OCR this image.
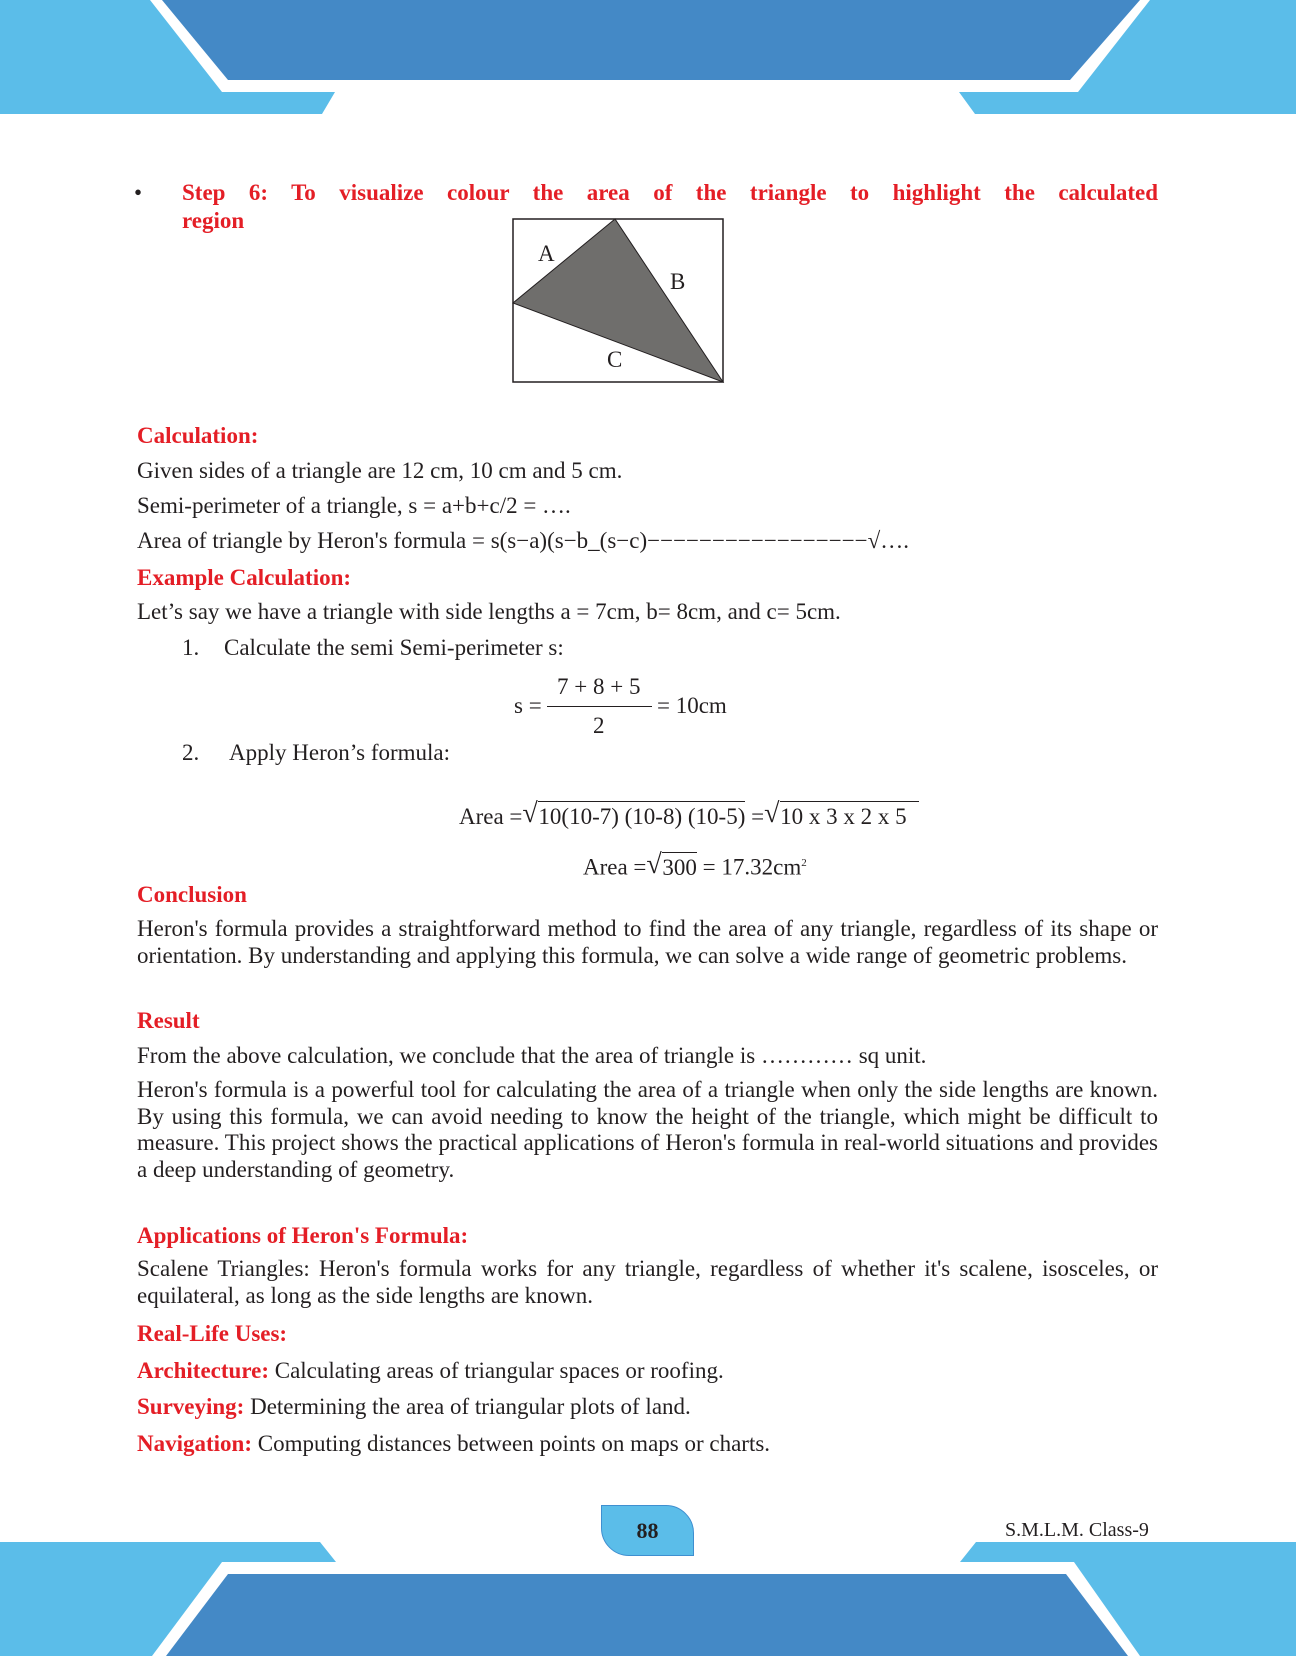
• Step 6: To visualize colour the area of the triangle to highlight the calculated
region
A
B
C
Calculation:
Given sides of a triangle are 12 cm, 10 cm and 5 cm.
Semi-perimeter of a triangle, s = a+b+c/2 = ….
Area of triangle by Heron's formula = s(s−a)(s−b_(s−c)−−−−−−−−−−−−−−−−−√….
Example Calculation:
Let’s say we have a triangle with side lengths a = 7cm, b= 8cm, and c= 5cm.
1. Calculate the semi Semi-perimeter s:
s =
7 + 8 + 5
2
= 10cm
2. Apply Heron’s formula:
Area = √ 10(10-7) (10-8) (10-5) = √ 10 x 3 x 2 x 5
Area = √ $300 = 17.32cm^2$
Conclusion
Heron's formula provides a straightforward method to find the area of any triangle, regardless of its shape or orientation. By understanding and applying this formula, we can solve a wide range of geometric problems.
Result
From the above calculation, we conclude that the area of triangle is ………… sq unit.
Heron's formula is a powerful tool for calculating the area of a triangle when only the side lengths are known. By using this formula, we can avoid needing to know the height of the triangle, which might be difficult to measure. This project shows the practical applications of Heron's formula in real-world situations and provides a deep understanding of geometry.
Applications of Heron's Formula:
Scalene Triangles: Heron's formula works for any triangle, regardless of whether it's scalene, isosceles, or equilateral, as long as the side lengths are known.
Real-Life Uses:
Architecture: Calculating areas of triangular spaces or roofing.
Surveying: Determining the area of triangular plots of land.
Navigation: Computing distances between points on maps or charts.
88	S.M.L.M. Class-9
